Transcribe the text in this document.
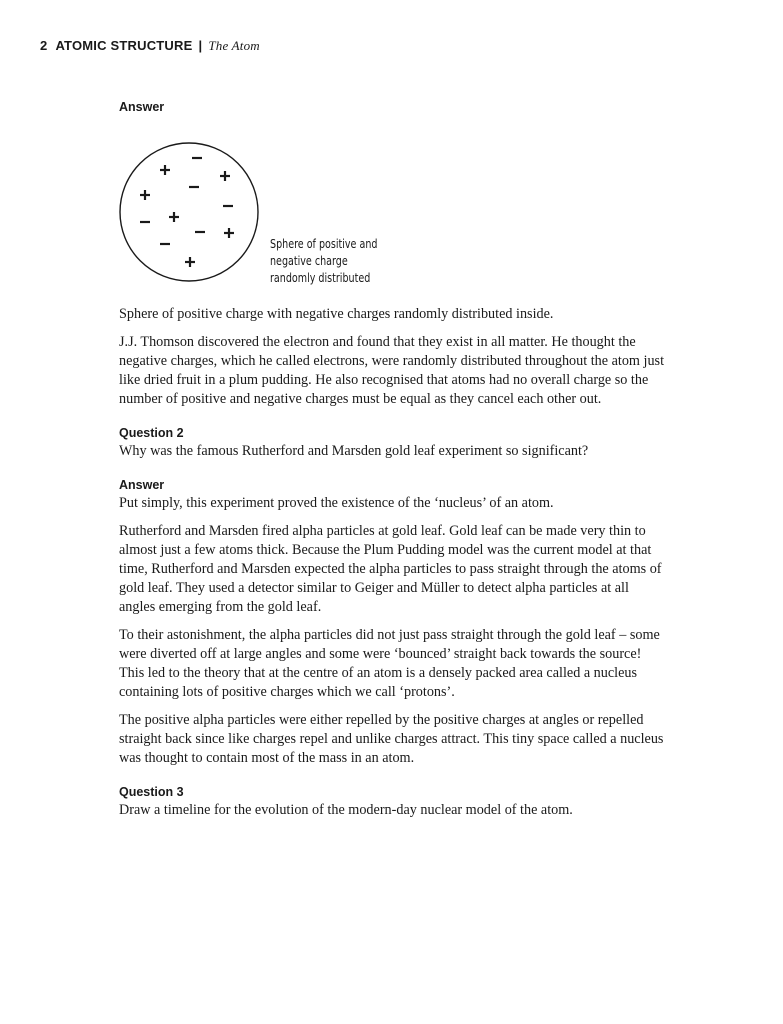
2 ATOMIC STRUCTURE | The Atom
Answer
Sphere of positive and
negative charge
randomly distributed

Sphere of positive charge with negative charges randomly distributed inside.

J.J. Thomson discovered the electron and found that they exist in all matter. He thought the negative charges, which he called electrons, were randomly distributed throughout the atom just like dried fruit in a plum pudding. He also recognised that atoms had no overall charge so the number of positive and negative charges must be equal as they cancel each other out.

Question 2

Why was the famous Rutherford and Marsden gold leaf experiment so significant?

Answer

Put simply, this experiment proved the existence of the ‘nucleus’ of an atom.

Rutherford and Marsden fired alpha particles at gold leaf. Gold leaf can be made very thin to almost just a few atoms thick. Because the Plum Pudding model was the current model at that time, Rutherford and Marsden expected the alpha particles to pass straight through the atoms of gold leaf. They used a detector similar to Geiger and Müller to detect alpha particles at all angles emerging from the gold leaf.

To their astonishment, the alpha particles did not just pass straight through the gold leaf – some were diverted off at large angles and some were ‘bounced’ straight back towards the source! This led to the theory that at the centre of an atom is a densely packed area called a nucleus containing lots of positive charges which we call ‘protons’.

The positive alpha particles were either repelled by the positive charges at angles or repelled straight back since like charges repel and unlike charges attract. This tiny space called a nucleus was thought to contain most of the mass in an atom.

Question 3

Draw a timeline for the evolution of the modern-day nuclear model of the atom.
